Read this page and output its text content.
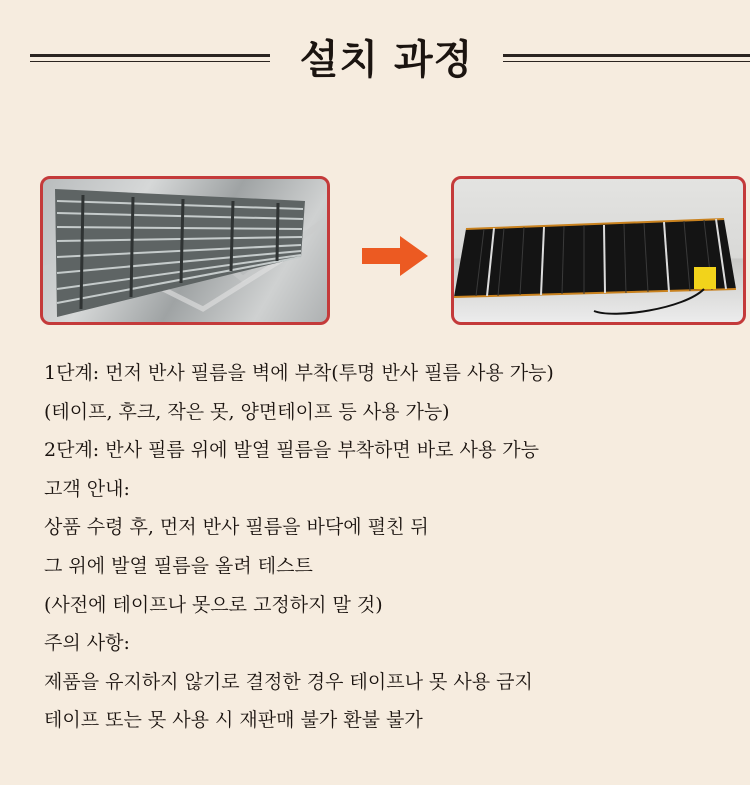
설치 과정
1단계: 먼저 반사 필름을 벽에 부착(투명 반사 필름 사용 가능)
(테이프, 후크, 작은 못, 양면테이프 등 사용 가능)
2단계: 반사 필름 위에 발열 필름을 부착하면 바로 사용 가능
고객 안내:
상품 수령 후, 먼저 반사 필름을 바닥에 펼친 뒤
그 위에 발열 필름을 올려 테스트
(사전에 테이프나 못으로 고정하지 말 것)
주의 사항:
제품을 유지하지 않기로 결정한 경우 테이프나 못 사용 금지
테이프 또는 못 사용 시 재판매 불가 환불 불가
